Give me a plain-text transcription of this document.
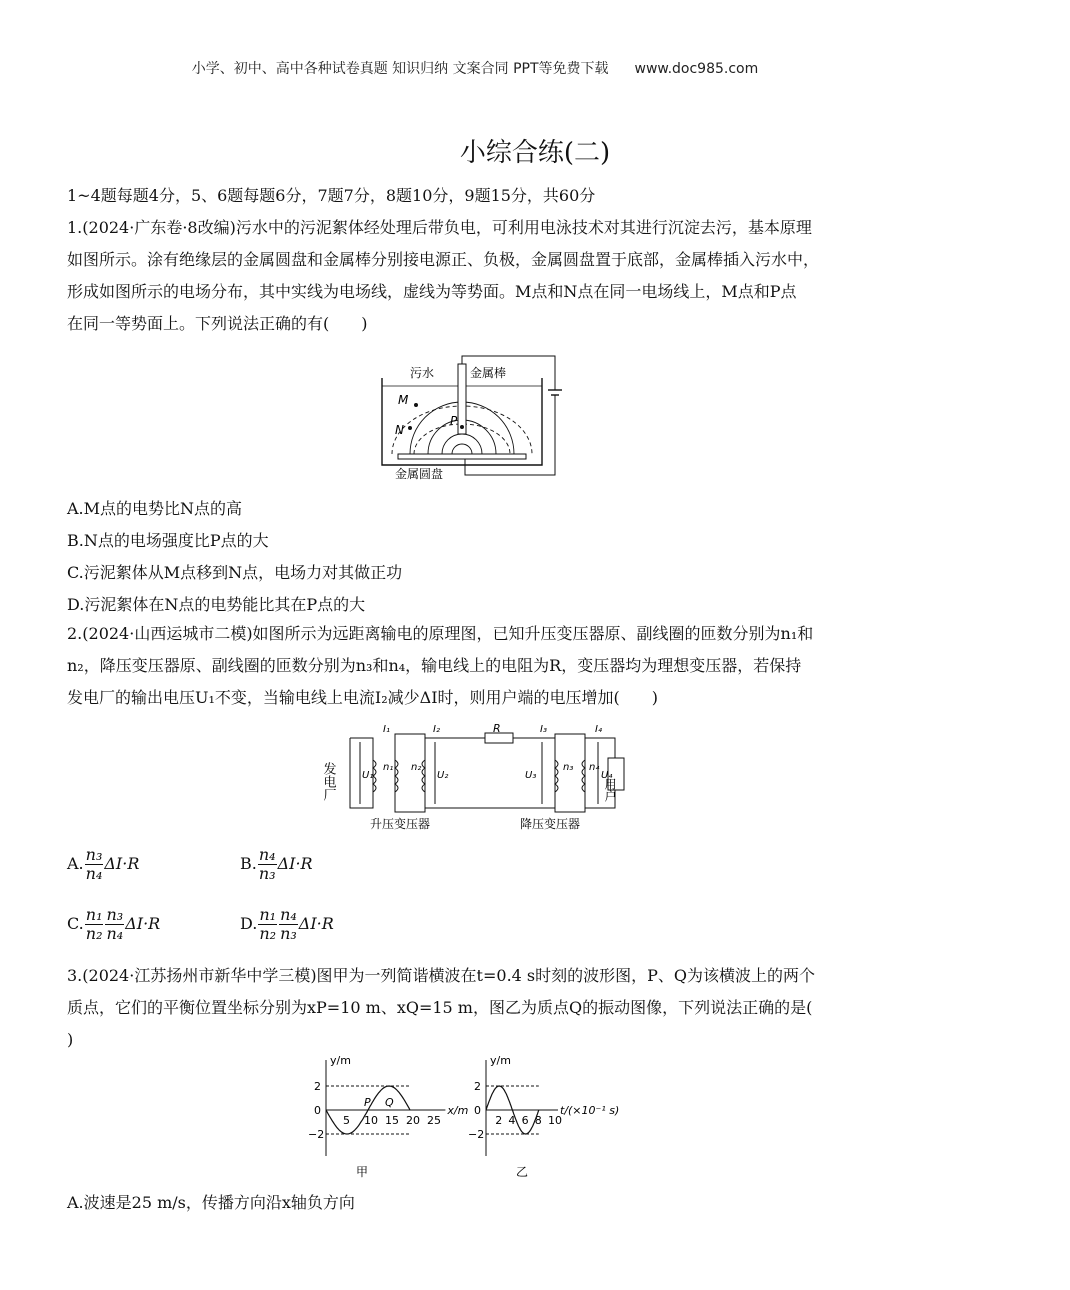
小学、初中、高中各种试卷真题 知识归纳 文案合同 PPT等免费下载 www.doc985.com
小综合练(二)
1~4题每题4分，5、6题每题6分，7题7分，8题10分，9题15分，共60分
1.(2024·广东卷·8改编)污水中的污泥絮体经处理后带负电，可利用电泳技术对其进行沉淀去污，基本原理
如图所示。涂有绝缘层的金属圆盘和金属棒分别接电源正、负极，金属圆盘置于底部，金属棒插入污水中，
形成如图所示的电场分布，其中实线为电场线，虚线为等势面。M点和N点在同一电场线上，M点和P点
在同一等势面上。下列说法正确的有(　　)
污水	金属棒
M
N
P
金属圆盘
A.M点的电势比N点的高
B.N点的电场强度比P点的大
C.污泥絮体从M点移到N点，电场力对其做正功
D.污泥絮体在N点的电势能比其在P点的大
2.(2024·山西运城市二模)如图所示为远距离输电的原理图，已知升压变压器原、副线圈的匝数分别为n₁和
n₂，降压变压器原、副线圈的匝数分别为n₃和n₄，输电线上的电阻为R，变压器均为理想变压器，若保持
发电厂的输出电压U₁不变，当输电线上电流I₂减少ΔI时，则用户端的电压增加(　　)
发电厂	用户
R
I₁	I₂	I₃	I₄
U₁	U₂	U₃	U₄
n₁ n₂	n₃ n₄
升压变压器	降压变压器
A. $\frac{\text{n₃}}{\text{n₄}} \Delta I\cdot R$	B. $\frac{\text{n₄}}{\text{n₃}} \Delta I\cdot R$
C. $\frac{\text{n₁}}{\text{n₂}} \frac{\text{n₃}}{\text{n₄}} \Delta I\cdot R$	D. $\frac{\text{n₁}}{\text{n₂}} \frac{\text{n₄}}{\text{n₃}} \Delta I\cdot R$
3.(2024·江苏扬州市新华中学三模)图甲为一列简谐横波在t=0.4 s时刻的波形图，P、Q为该横波上的两个
质点，它们的平衡位置坐标分别为xP=10 m、xQ=15 m，图乙为质点Q的振动图像，下列说法正确的是(
)
y/m
x/m
2
0
−2
5 10 15 20 25
P Q
甲
y/m
t/(×10⁻¹ s)
2
0
−2
2 4 6 8 10
乙
A.波速是25 m/s，传播方向沿x轴负方向
